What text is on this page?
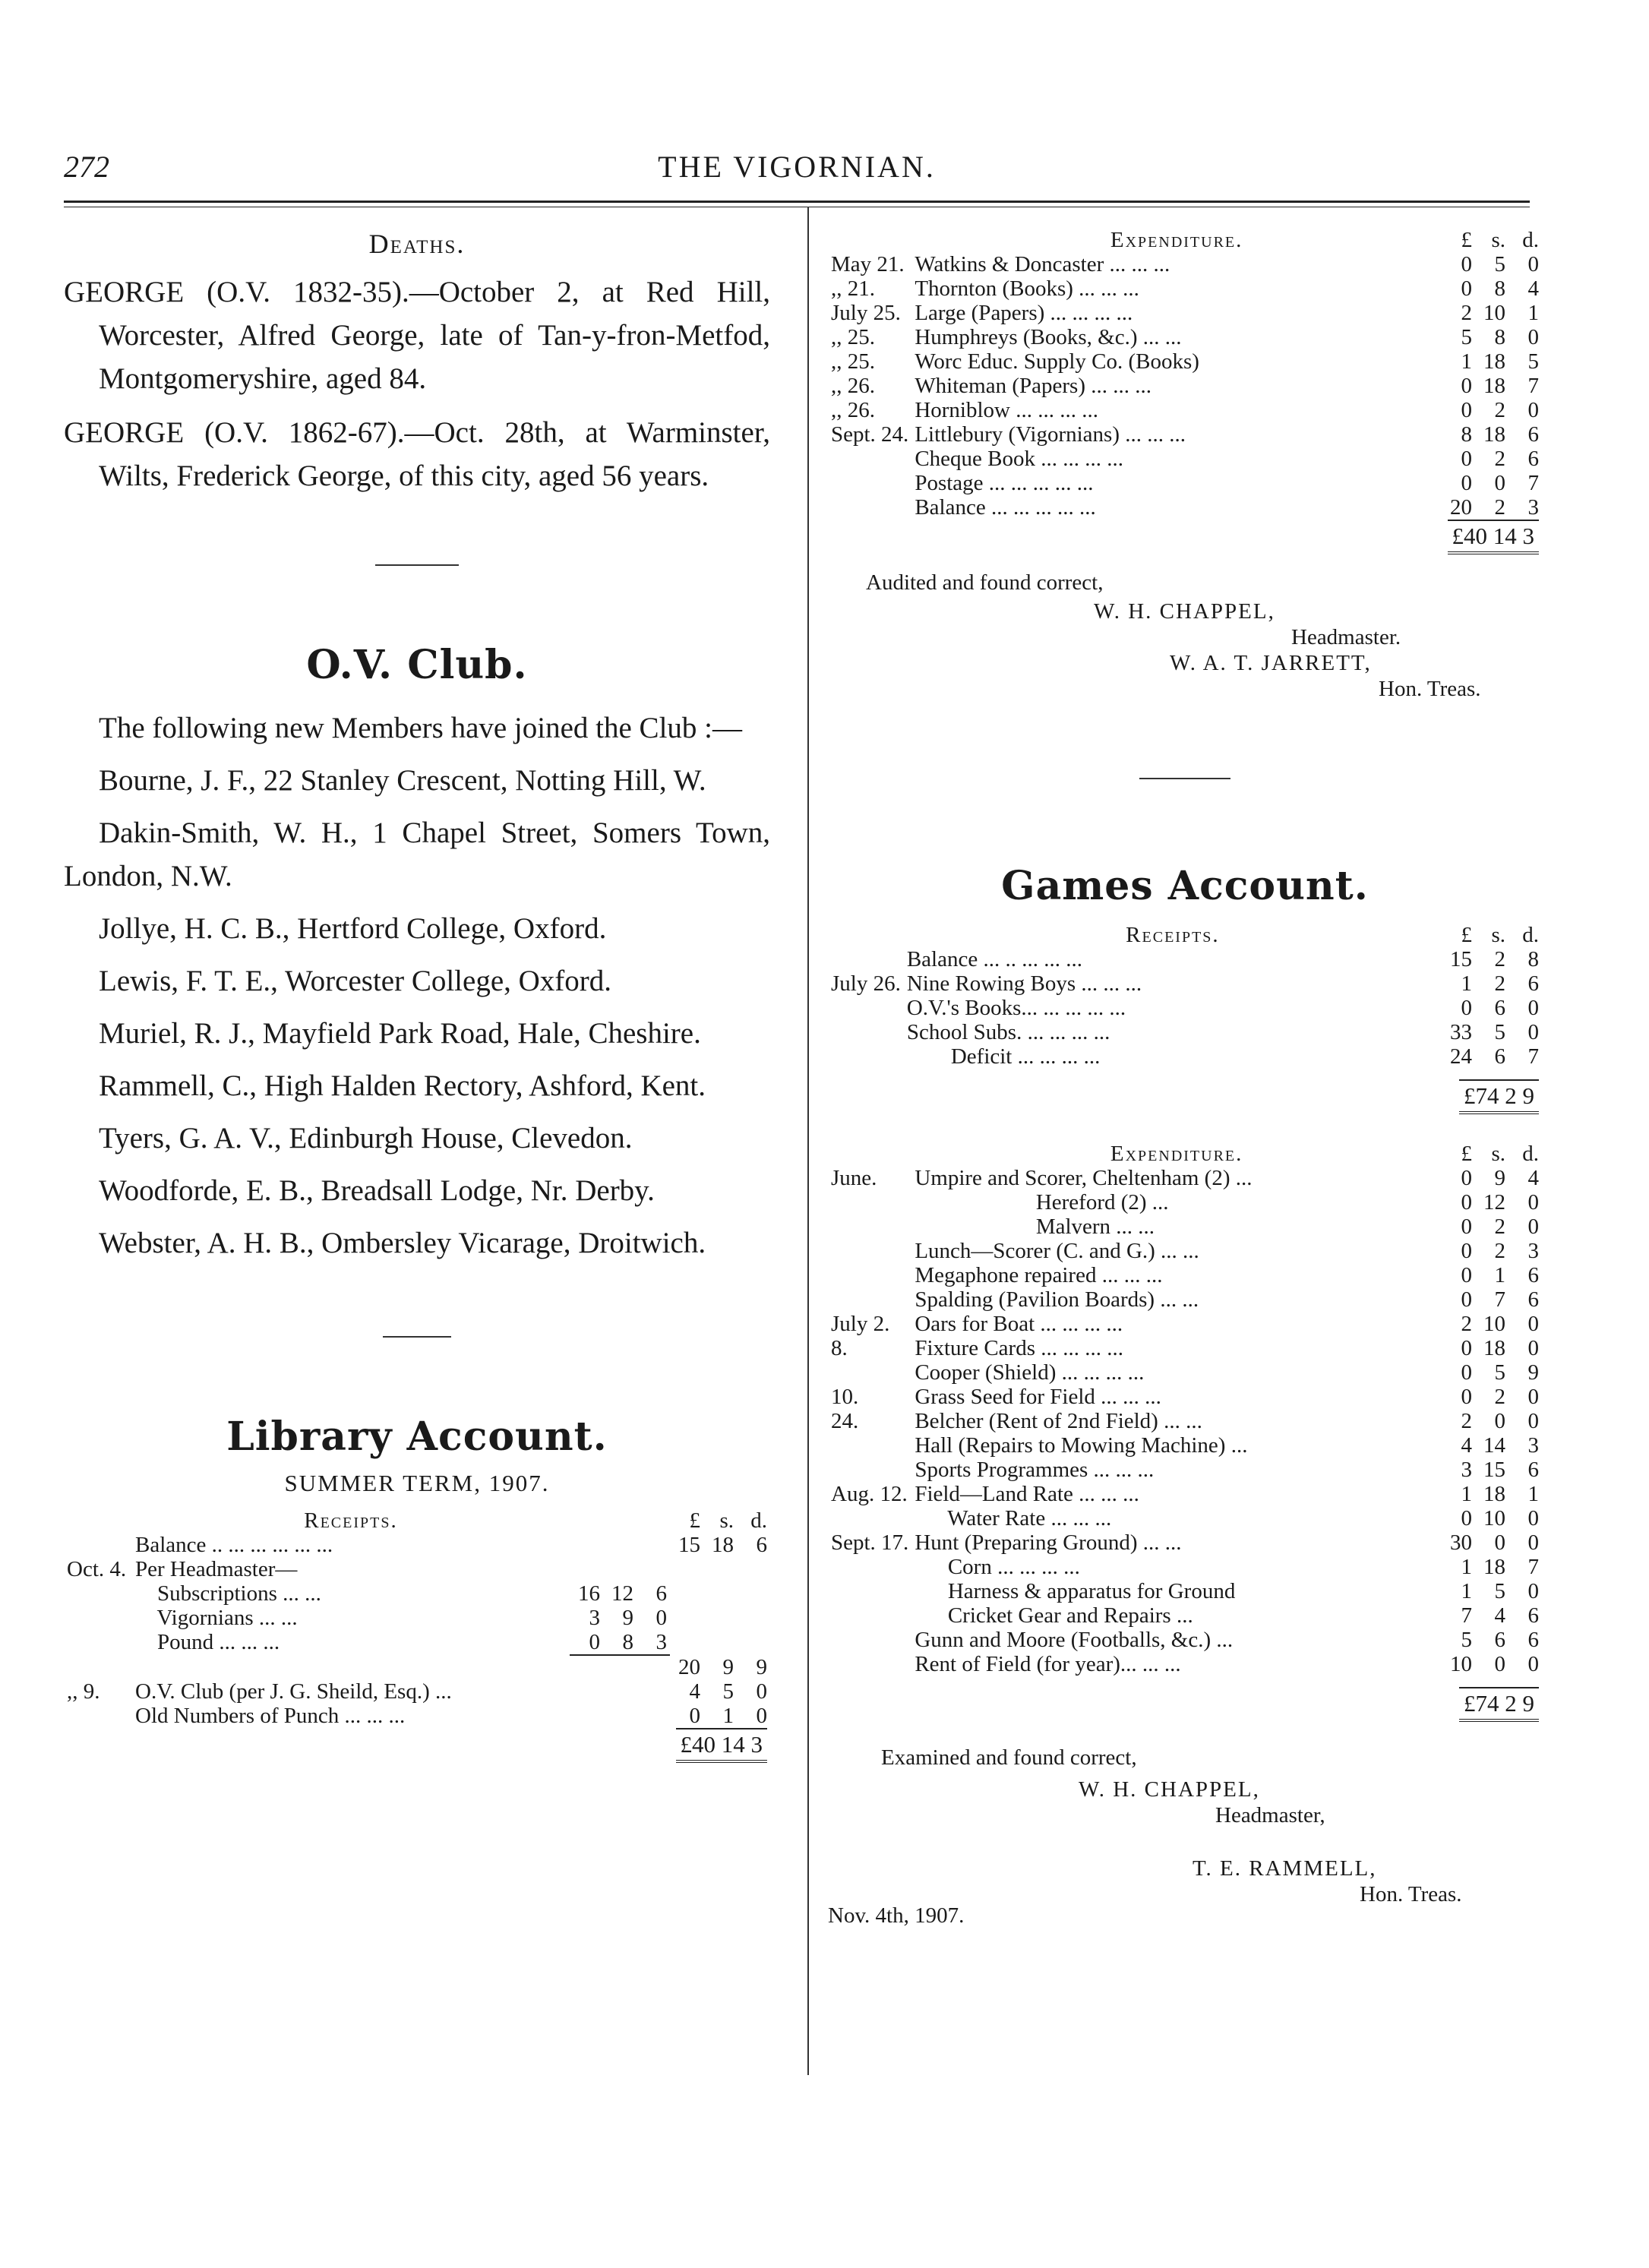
272	THE VIGORNIAN.
Deaths.

GEORGE (O.V. 1832-35).—October 2, at Red Hill, Worcester, Alfred George, late of Tan-y-fron-Metfod, Montgomeryshire, aged 84.

GEORGE (O.V. 1862-67).—Oct. 28th, at Warminster, Wilts, Frederick George, of this city, aged 56 years.

O.V. Club.

The following new Members have joined the Club :—

Bourne, J. F., 22 Stanley Crescent, Notting Hill, W.

Dakin-Smith, W. H., 1 Chapel Street, Somers Town, London, N.W.

Jollye, H. C. B., Hertford College, Oxford.

Lewis, F. T. E., Worcester College, Oxford.

Muriel, R. J., Mayfield Park Road, Hale, Cheshire.

Rammell, C., High Halden Rectory, Ashford, Kent.

Tyers, G. A. V., Edinburgh House, Clevedon.

Woodforde, E. B., Breadsall Lodge, Nr. Derby.

Webster, A. H. B., Ombersley Vicarage, Droitwich.

Library Account.
SUMMER TERM, 1907.
	Receipts.				£	s.	d.
	Balance .. ... ... ... ... ...				15	18	6
Oct. 4.	Per Headmaster—						
	Subscriptions ... ...	16	12	6			
	Vigornians ... ...	3	9	0			
	Pound ... ... ...	0	8	3			
					20	9	9
,, 9.	O.V. Club (per J. G. Sheild, Esq.) ...				4	5	0
	Old Numbers of Punch ... ... ...				0	1	0
					£40 14 3		
	Expenditure.	£	s.	d.
May 21.	Watkins & Doncaster ... ... ...	0	5	0
,, 21.	Thornton (Books) ... ... ...	0	8	4
July 25.	Large (Papers) ... ... ... ...	2	10	1
,, 25.	Humphreys (Books, &c.) ... ...	5	8	0
,, 25.	Worc Educ. Supply Co. (Books)	1	18	5
,, 26.	Whiteman (Papers) ... ... ...	0	18	7
,, 26.	Horniblow ... ... ... ...	0	2	0
Sept. 24.	Littlebury (Vigornians) ... ... ...	8	18	6
	Cheque Book ... ... ... ...	0	2	6
	Postage ... ... ... ... ...	0	0	7
	Balance ... ... ... ... ...	20	2	3
		£40 14 3		
Audited and found correct,
W. H. CHAPPEL,
Headmaster.
W. A. T. JARRETT,
Hon. Treas.
Games Account.
	Receipts.	£	s.	d.
	Balance ... .. ... ... ...	15	2	8
July 26.	Nine Rowing Boys ... ... ...	1	2	6
	O.V.'s Books... ... ... ... ...	0	6	0
	School Subs. ... ... ... ...	33	5	0
	Deficit ... ... ... ...	24	6	7
		£74 2 9		
	Expenditure.	£	s.	d.
June.	Umpire and Scorer, Cheltenham (2) ...	0	9	4
	Hereford (2) ...	0	12	0
	Malvern ... ...	0	2	0
	Lunch—Scorer (C. and G.) ... ...	0	2	3
	Megaphone repaired ... ... ...	0	1	6
	Spalding (Pavilion Boards) ... ...	0	7	6
July 2.	Oars for Boat ... ... ... ...	2	10	0
8.	Fixture Cards ... ... ... ...	0	18	0
	Cooper (Shield) ... ... ... ...	0	5	9
10.	Grass Seed for Field ... ... ...	0	2	0
24.	Belcher (Rent of 2nd Field) ... ...	2	0	0
	Hall (Repairs to Mowing Machine) ...	4	14	3
	Sports Programmes ... ... ...	3	15	6
Aug. 12.	Field—Land Rate ... ... ...	1	18	1
	Water Rate ... ... ...	0	10	0
Sept. 17.	Hunt (Preparing Ground) ... ...	30	0	0
	Corn ... ... ... ...	1	18	7
	Harness & apparatus for Ground	1	5	0
	Cricket Gear and Repairs ...	7	4	6
	Gunn and Moore (Footballs, &c.) ...	5	6	6
	Rent of Field (for year)... ... ...	10	0	0
		£74 2 9		
Examined and found correct,
W. H. CHAPPEL,
Headmaster,
T. E. RAMMELL,
Hon. Treas.
Nov. 4th, 1907.
